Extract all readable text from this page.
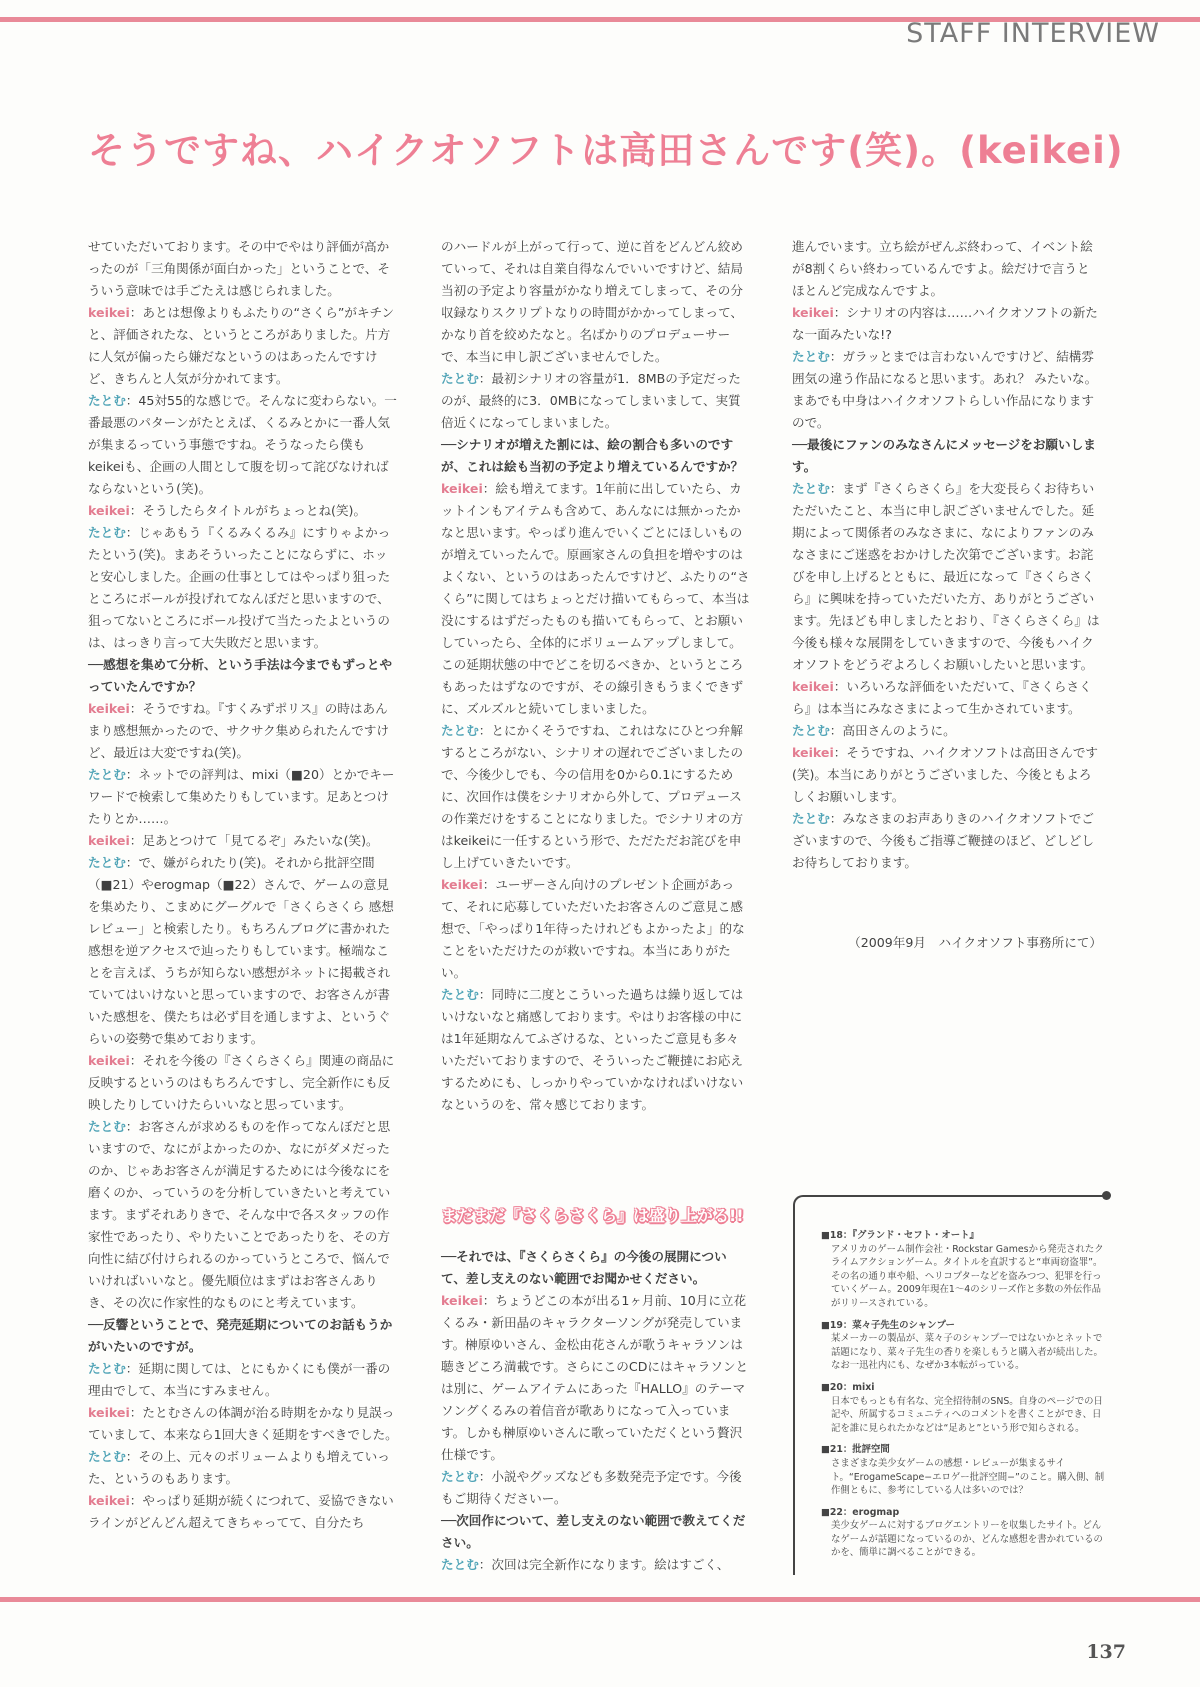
STAFF INTERVIEW
そうですね、ハイクオソフトは高田さんです(笑)。(keikei)

せていただいております。その中でやはり評価が高かったのが「三角関係が面白かった」ということで、そういう意味では手ごたえは感じられました。

keikei：あとは想像よりもふたりの“さくら”がキチンと、評価されたな、というところがありました。片方に人気が偏ったら嫌だなというのはあったんですけど、きちんと人気が分かれてます。

たとむ：45対55的な感じで。そんなに変わらない。一番最悪のパターンがたとえば、くるみとかに一番人気が集まるっていう事態ですね。そうなったら僕もkeikeiも、企画の人間として腹を切って詫びなければならないという(笑)。

keikei：そうしたらタイトルがちょっとね(笑)。

たとむ：じゃあもう『くるみくるみ』にすりゃよかったという(笑)。まあそういったことにならずに、ホッと安心しました。企画の仕事としてはやっぱり狙ったところにボールが投げれてなんぼだと思いますので、狙ってないところにボール投げて当たったよというのは、はっきり言って大失敗だと思います。

──感想を集めて分析、という手法は今までもずっとやっていたんですか？

keikei：そうですね。『すくみずポリス』の時はあんまり感想無かったので、サクサク集められたんですけど、最近は大変ですね(笑)。

たとむ：ネットでの評判は、mixi（■20）とかでキーワードで検索して集めたりもしています。足あとつけたりとか……。

keikei：足あとつけて「見てるぞ」みたいな(笑)。

たとむ：で、嫌がられたり(笑)。それから批評空間（■21）やerogmap（■22）さんで、ゲームの意見を集めたり、こまめにグーグルで「さくらさくら 感想 レビュー」と検索したり。もちろんブログに書かれた感想を逆アクセスで辿ったりもしています。極端なことを言えば、うちが知らない感想がネットに掲載されていてはいけないと思っていますので、お客さんが書いた感想を、僕たちは必ず目を通しますよ、というぐらいの姿勢で集めております。

keikei：それを今後の『さくらさくら』関連の商品に反映するというのはもちろんですし、完全新作にも反映したりしていけたらいいなと思っています。

たとむ：お客さんが求めるものを作ってなんぼだと思いますので、なにがよかったのか、なにがダメだったのか、じゃあお客さんが満足するためには今後なにを磨くのか、っていうのを分析していきたいと考えています。まずそれありきで、そんな中で各スタッフの作家性であったり、やりたいことであったりを、その方向性に結び付けられるのかっていうところで、悩んでいければいいなと。優先順位はまずはお客さんありき、その次に作家性的なものにと考えています。

──反響ということで、発売延期についてのお話もうかがいたいのですが。

たとむ：延期に関しては、とにもかくにも僕が一番の理由でして、本当にすみません。

keikei：たとむさんの体調が治る時期をかなり見誤っていまして、本来なら1回大きく延期をすべきでした。

たとむ：その上、元々のボリュームよりも増えていった、というのもあります。

keikei：やっぱり延期が続くにつれて、妥協できないラインがどんどん超えてきちゃってて、自分たち

のハードルが上がって行って、逆に首をどんどん絞めていって、それは自業自得なんでいいですけど、結局当初の予定より容量がかなり増えてしまって、その分収録なりスクリプトなりの時間がかかってしまって、かなり首を絞めたなと。名ばかりのプロデューサーで、本当に申し訳ございませんでした。

たとむ：最初シナリオの容量が1．8MBの予定だったのが、最終的に3．0MBになってしまいまして、実質倍近くになってしまいました。

──シナリオが増えた割には、絵の割合も多いのですが、これは絵も当初の予定より増えているんですか？

keikei：絵も増えてます。1年前に出していたら、カットインもアイテムも含めて、あんなには無かったかなと思います。やっぱり進んでいくごとにほしいものが増えていったんで。原画家さんの負担を増やすのはよくない、というのはあったんですけど、ふたりの“さくら”に関してはちょっとだけ描いてもらって、本当は没にするはずだったものも描いてもらって、とお願いしていったら、全体的にボリュームアップしまして。この延期状態の中でどこを切るべきか、というところもあったはずなのですが、その線引きもうまくできずに、ズルズルと続いてしまいました。

たとむ：とにかくそうですね、これはなにひとつ弁解するところがない、シナリオの遅れでございましたので、今後少しでも、今の信用を0から0.1にするために、次回作は僕をシナリオから外して、プロデュースの作業だけをすることになりました。でシナリオの方はkeikeiに一任するという形で、ただただお詫びを申し上げていきたいです。

keikei：ユーザーさん向けのプレゼント企画があって、それに応募していただいたお客さんのご意見こ感想で、「やっぱり1年待ったけれどもよかったよ」的なことをいただけたのが救いですね。本当にありがたい。

たとむ：同時に二度とこういった過ちは繰り返してはいけないなと痛感しております。やはりお客様の中には1年延期なんてふざけるな、といったご意見も多々いただいておりますので、そういったご鞭撻にお応えするためにも、しっかりやっていかなければいけないなというのを、常々感じております。

まだまだ『さくらさくら』は盛り上がる!!

──それでは、『さくらさくら』の今後の展開について、差し支えのない範囲でお聞かせください。

keikei：ちょうどこの本が出る1ヶ月前、10月に立花くるみ・新田晶のキャラクターソングが発売しています。榊原ゆいさん、金松由花さんが歌うキャラソンは聴きどころ満載です。さらにこのCDにはキャラソンとは別に、ゲームアイテムにあった『HALLO』のテーマソングくるみの着信音が歌ありになって入っています。しかも榊原ゆいさんに歌っていただくという贅沢仕様です。

たとむ：小説やグッズなども多数発売予定です。今後もご期待くださいー。

──次回作について、差し支えのない範囲で教えてください。

たとむ：次回は完全新作になります。絵はすごく、

進んでいます。立ち絵がぜんぶ終わって、イベント絵が8割くらい終わっているんですよ。絵だけで言うとほとんど完成なんですよ。

keikei：シナリオの内容は……ハイクオソフトの新たな一面みたいな!?

たとむ：ガラッとまでは言わないんですけど、結構雰囲気の違う作品になると思います。あれ？ みたいな。まあでも中身はハイクオソフトらしい作品になりますので。

──最後にファンのみなさんにメッセージをお願いします。

たとむ：まず『さくらさくら』を大変長らくお待ちいただいたこと、本当に申し訳ございませんでした。延期によって関係者のみなさまに、なによりファンのみなさまにご迷惑をおかけした次第でございます。お詫びを申し上げるとともに、最近になって『さくらさくら』に興味を持っていただいた方、ありがとうございます。先ほども申しましたとおり、『さくらさくら』は今後も様々な展開をしていきますので、今後もハイクオソフトをどうぞよろしくお願いしたいと思います。

keikei：いろいろな評価をいただいて、『さくらさくら』は本当にみなさまによって生かされています。

たとむ：高田さんのように。

keikei：そうですね、ハイクオソフトは高田さんです(笑)。本当にありがとうございました、今後ともよろしくお願いします。

たとむ：みなさまのお声ありきのハイクオソフトでございますので、今後もご指導ご鞭撻のほど、どしどしお待ちしております。

（2009年9月　ハイクオソフト事務所にて）

■18：『グランド・セフト・オート』
アメリカのゲーム制作会社・Rockstar Gamesから発売されたクライムアクションゲーム。タイトルを直訳すると“車両窃盗罪”。その名の通り車や船、ヘリコプターなどを盗みつつ、犯罪を行っていくゲーム。2009年現在1〜4のシリーズ作と多数の外伝作品がリリースされている。
■19：菜々子先生のシャンプー
某メーカーの製品が、菜々子のシャンプーではないかとネットで話題になり、菜々子先生の香りを楽しもうと購入者が続出した。なお一迅社内にも、なぜか3本転がっている。
■20：mixi
日本でもっとも有名な、完全招待制のSNS。自身のページでの日記や、所属するコミュニティへのコメントを書くことができ、日記を誰に見られたかなどは“足あと”という形で知らされる。
■21：批評空間
さまざまな美少女ゲームの感想・レビューが集まるサイト。“ErogameScape−エロゲー批評空間−”のこと。購入側、制作側ともに、参考にしている人は多いのでは？
■22：erogmap
美少女ゲームに対するブログエントリーを収集したサイト。どんなゲームが話題になっているのか、どんな感想を書かれているのかを、簡単に調べることができる。
137
